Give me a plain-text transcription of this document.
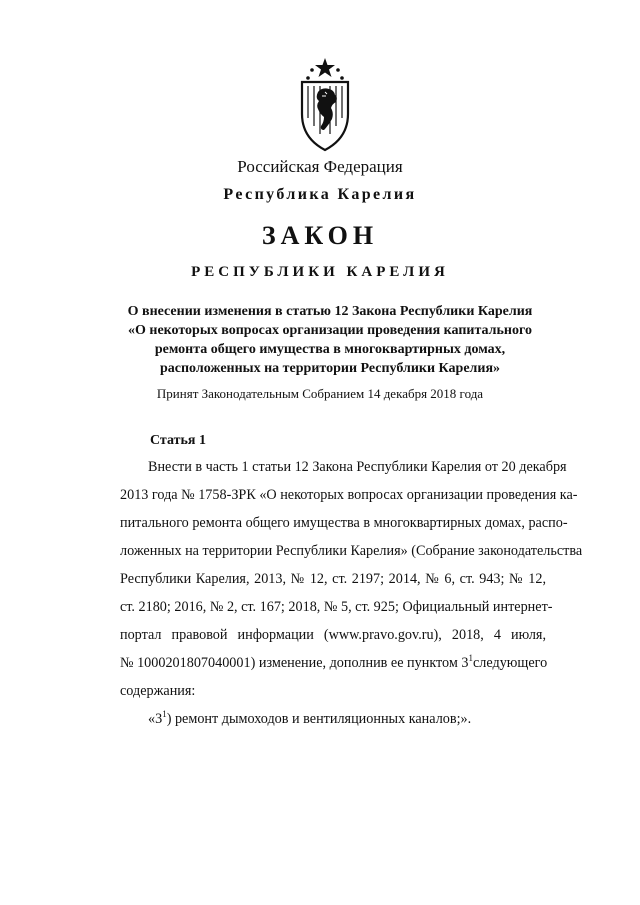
Российская Федерация
Республика Карелия
ЗАКОН
РЕСПУБЛИКИ КАРЕЛИЯ
О внесении изменения в статью 12 Закона Республики Карелия
«О некоторых вопросах организации проведения капитального
ремонта общего имущества в многоквартирных домах,
расположенных на территории Республики Карелия»
Принят Законодательным Собранием 14 декабря 2018 года
Статья 1
Внести в часть 1 статьи 12 Закона Республики Карелия от 20 декабря
2013 года № 1758-ЗРК «О некоторых вопросах организации проведения ка-
питального ремонта общего имущества в многоквартирных домах, распо-
ложенных на территории Республики Карелия» (Собрание законодательства
Республики Карелия, 2013, № 12, ст. 2197; 2014, № 6, ст. 943; № 12,
ст. 2180; 2016, № 2, ст. 167; 2018, № 5, ст. 925; Официальный интернет-
портал правовой информации (www.pravo.gov.ru), 2018, 4 июля,
№ 1000201807040001) изменение, дополнив ее пунктом $3^1$ следующего
содержания:
«$3^1$) ремонт дымоходов и вентиляционных каналов;».
